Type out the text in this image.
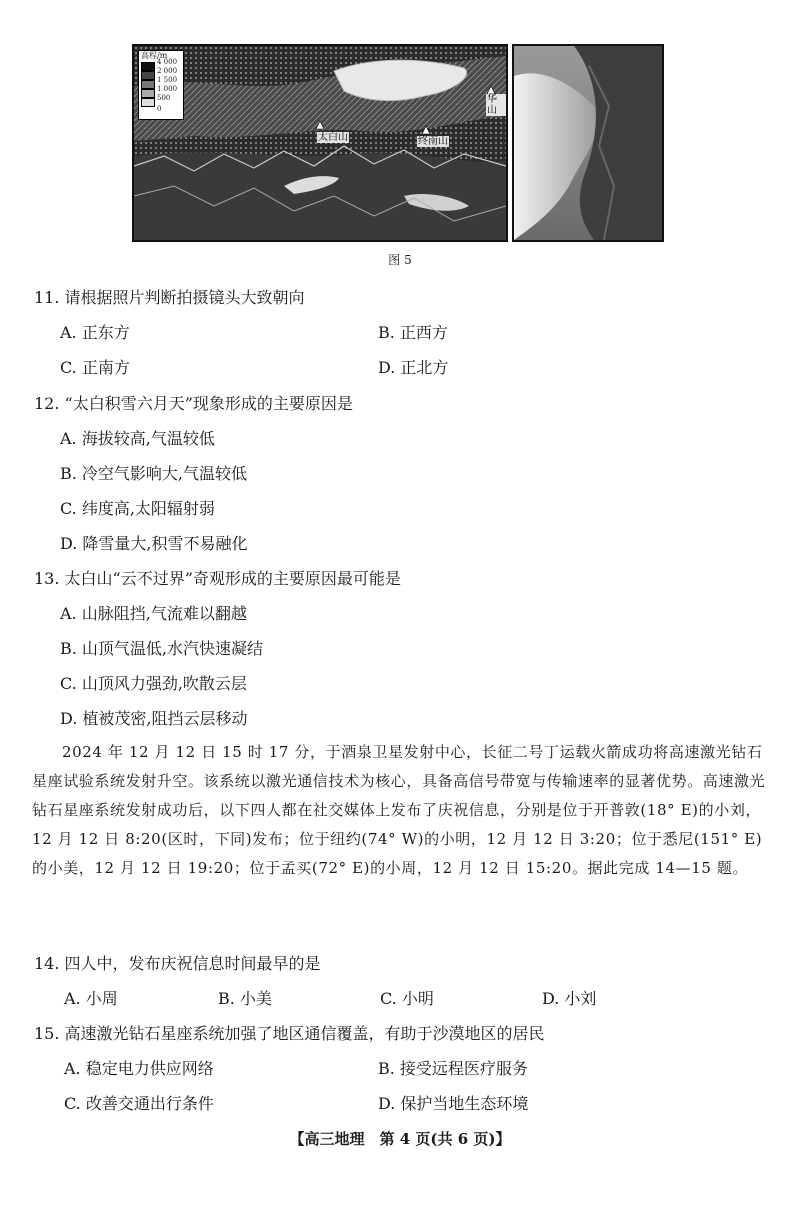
高程/m
4 000
2 000
1 500
1 000
500
0
太白山	终南山
华山
图 5
11. 请根据照片判断拍摄镜头大致朝向
A. 正东方	B. 正西方
C. 正南方	D. 正北方
12. “太白积雪六月天”现象形成的主要原因是
A. 海拔较高,气温较低
B. 冷空气影响大,气温较低
C. 纬度高,太阳辐射弱
D. 降雪量大,积雪不易融化
13. 太白山“云不过界”奇观形成的主要原因最可能是
A. 山脉阻挡,气流难以翻越
B. 山顶气温低,水汽快速凝结
C. 山顶风力强劲,吹散云层
D. 植被茂密,阻挡云层移动
2024 年 12 月 12 日 15 时 17 分，于酒泉卫星发射中心，长征二号丁运载火箭成功将高速激光钻石星座试验系统发射升空。该系统以激光通信技术为核心，具备高信号带宽与传输速率的显著优势。高速激光钻石星座系统发射成功后，以下四人都在社交媒体上发布了庆祝信息，分别是位于开普敦(18° E)的小刘，12 月 12 日 8:20(区时，下同)发布；位于纽约(74° W)的小明，12 月 12 日 3:20；位于悉尼(151° E)的小美，12 月 12 日 19:20；位于孟买(72° E)的小周，12 月 12 日 15:20。据此完成 14—15 题。
14. 四人中，发布庆祝信息时间最早的是
A. 小周	B. 小美	C. 小明	D. 小刘
15. 高速激光钻石星座系统加强了地区通信覆盖，有助于沙漠地区的居民
A. 稳定电力供应网络	B. 接受远程医疗服务
C. 改善交通出行条件	D. 保护当地生态环境
【高三地理　第 4 页(共 6 页)】
